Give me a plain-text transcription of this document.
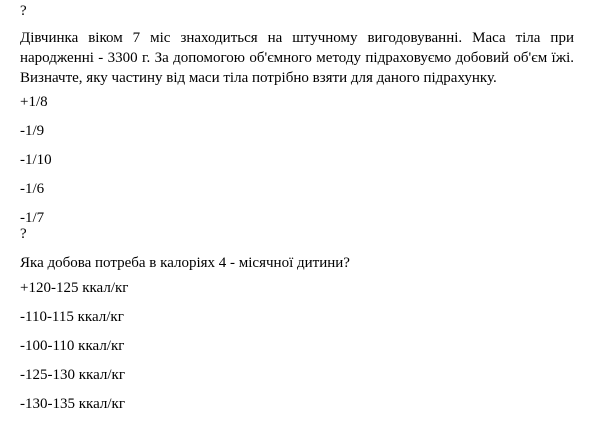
?

Дівчинка віком 7 міс знаходиться на штучному вигодовуванні. Маса тіла при народженні - 3300 г. За допомогою об'ємного методу підраховуємо добовий об'єм їжі. Визначте, яку частину від маси тіла потрібно взяти для даного підрахунку.

+1/8

-1/9

-1/10

-1/6

-1/7

?

Яка добова потреба в калоріях 4 - місячної дитини?

+120-125 ккал/кг

-110-115 ккал/кг

-100-110 ккал/кг

-125-130 ккал/кг

-130-135 ккал/кг
